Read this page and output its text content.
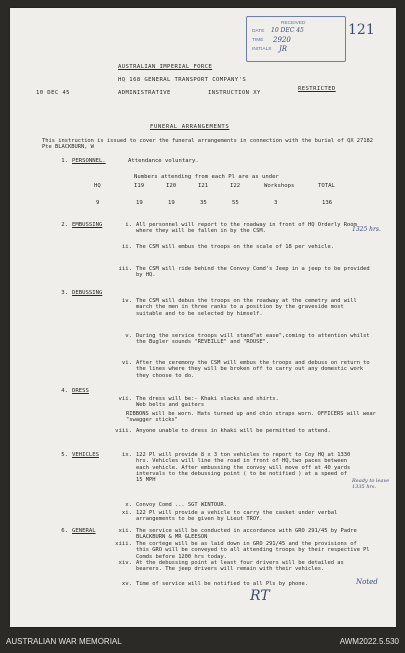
RECEIVED
DATE 10 DEC 45
TIME 2920
INITIALS JR
121
10 DEC 45
AUSTRALIAN IMPERIAL FORCE
HQ 168 GENERAL TRANSPORT COMPANY'S
ADMINISTRATIVE	INSTRUCTION XY
RESTRICTED
FUNERAL ARRANGEMENTS
This instruction is issued to cover the funeral arrangements in connection with the burial of QX 27182 Pte BLACKBURN, W
1. PERSONNEL.	Attendance voluntary.
Numbers attending from each Pl are as under
HQ	I19	I20	I21	I22	Workshops	TOTAL
9	19	19	35	55	3	136
2. EMBUSSING	i. All personnel will report to the roadway in front of HQ Orderly Room where they will be fallen in by the CSM.	1325 hrs.
ii. The CSM will embus the troops on the scale of 18 per vehicle.
iii. The CSM will ride behind the Convoy Comd's Jeep in a jeep to be provided by HQ.
3. DEBUSSING
iv. The CSM will debus the troops on the roadway at the cemetry and will march the men in three ranks to a position by the graveside most suitable and to be selected by himself.
v. During the service troops will stand"at ease",coming to attention whilst the Bugler sounds "REVEILLE" and "ROUSE".
vi. After the ceremony the CSM will embus the troops and debuss on return to the lines where they will be broken off to carry out any domestic work they choose to do.
4. DRESS
vii. The dress will be:- Khaki slacks and shirts. Web belts and gaiters
RIBBONS will be worn. Hats turned up and chin straps worn. OFFICERS will wear "swagger sticks"
viii. Anyone unable to dress in khaki will be permitted to attend.
5. VEHICLES	ix. 122 Pl will provide 8 x 3 ton vehicles to report to Coy HQ at 1330 hrs. Vehicles will line the road in front of HQ,two paces between each vehicle. After embussing the convoy will move off at 40 yards intervals to the debussing point ( to be notified ) at a speed of 15 MPH	Ready to leave 1335 hrs.
x. Convoy Comd ... SGT WINTOUR.
xi. 122 Pl will provide a vehicle to carry the casket under verbal arrangements to be given by Lieut TROY.
6. GENERAL	xii. The service will be conducted in accordance with GRO 291/45 by Padre BLACKBURN & MR GLEESON
xiii. The cortege will be as laid down in GRO 291/45 and the provisions of this GRO will be conveyed to all attending troops by their respective Pl Comds before 1200 hrs today.
xiv. At the debussing point at least four drivers will be detailed as bearers. The jeep drivers will remain with their vehicles.
xv. Time of service will be notified to all Pls by phone.	Noted
RT
AUSTRALIAN WAR MEMORIAL	AWM2022.5.530
